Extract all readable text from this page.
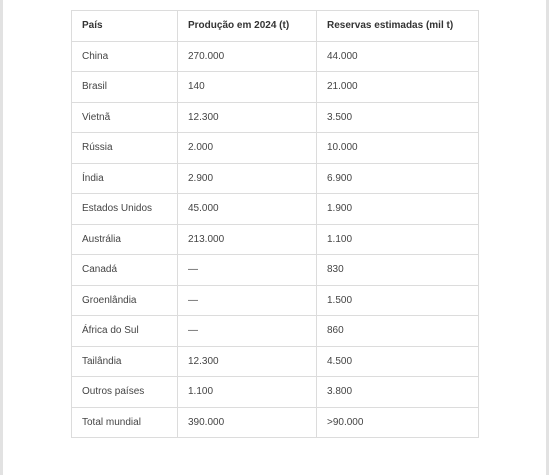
País	Produção em 2024 (t)	Reservas estimadas (mil t)
China	270.000	44.000
Brasil	140	21.000
Vietnã	12.300	3.500
Rússia	2.000	10.000
Índia	2.900	6.900
Estados Unidos	45.000	1.900
Austrália	213.000	1.100
Canadá	—	830
Groenlândia	—	1.500
África do Sul	—	860
Tailândia	12.300	4.500
Outros países	1.100	3.800
Total mundial	390.000	>90.000
